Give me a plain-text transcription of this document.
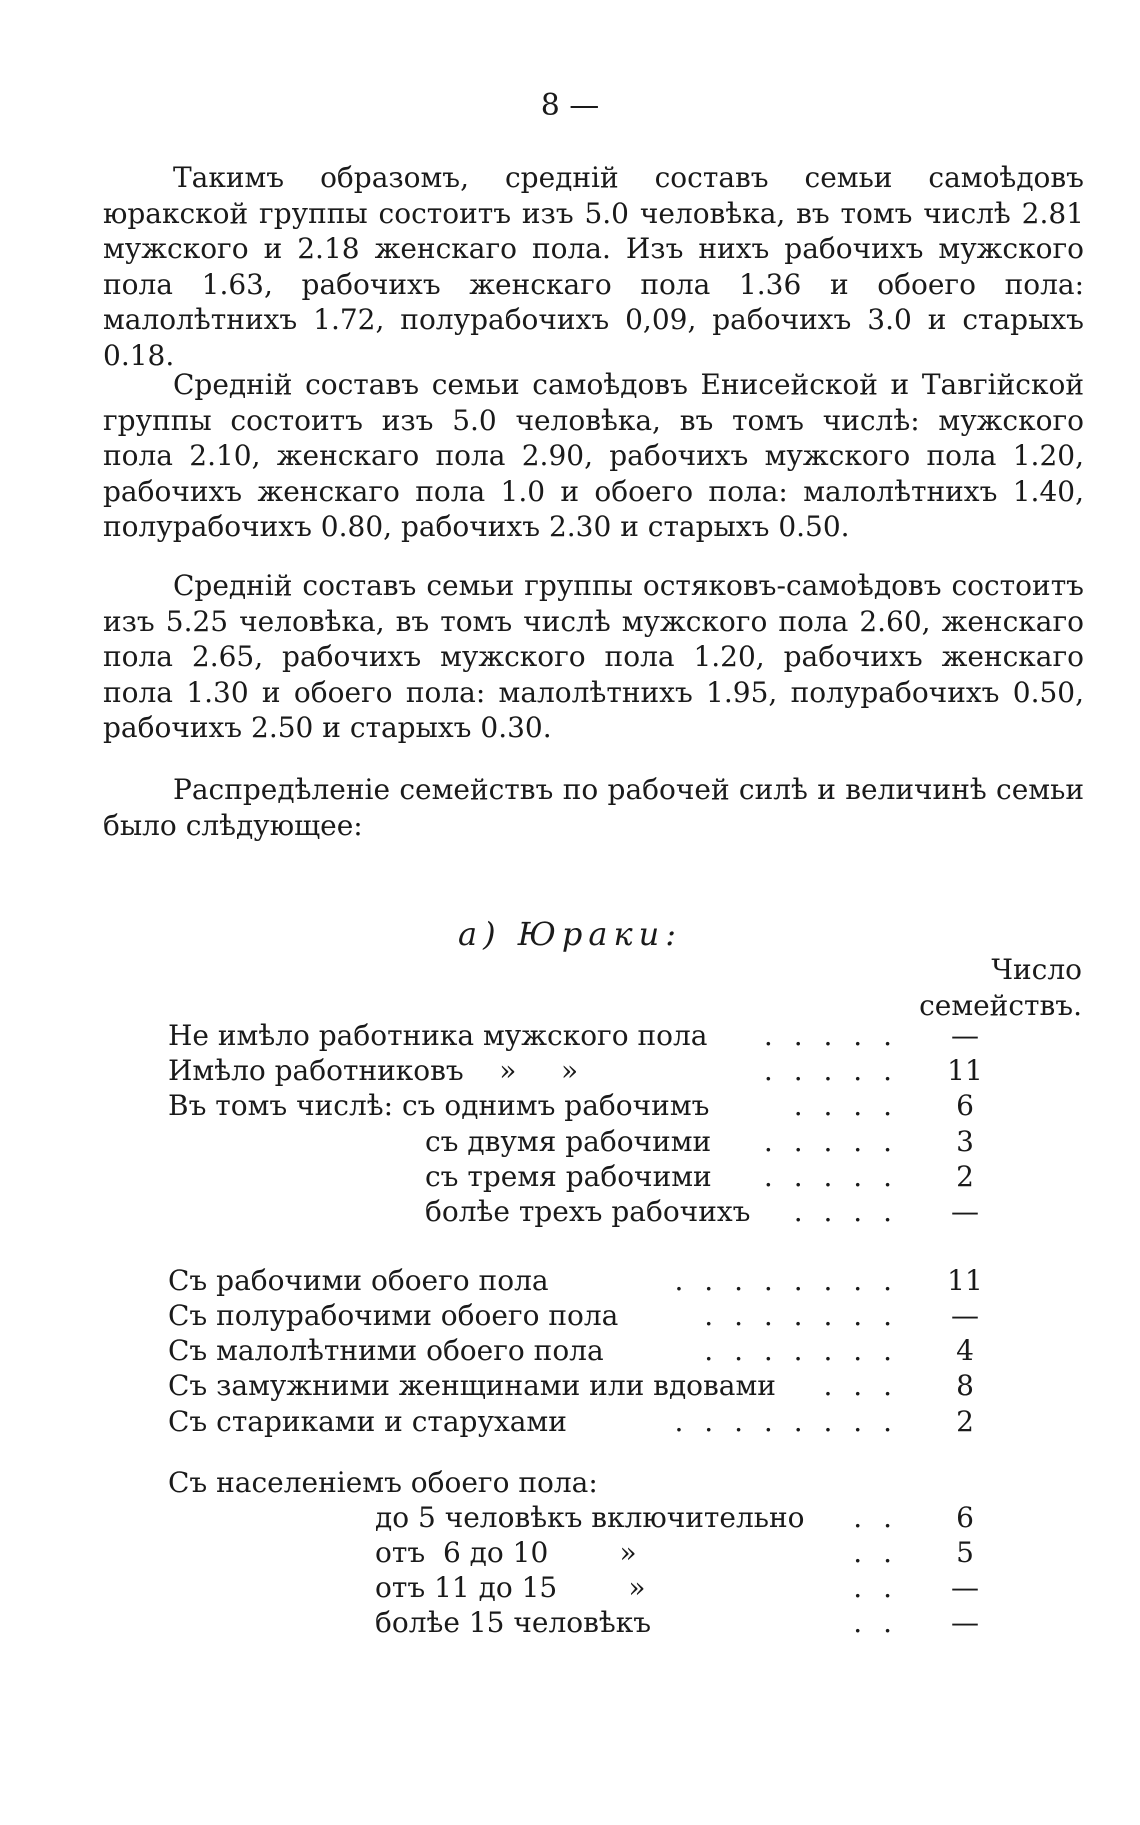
8 —

Такимъ образомъ, среднiй составъ семьи самоѣдовъ юракской группы состоитъ изъ 5.0 человѣка, въ томъ числѣ 2.81 мужского и 2.18 женскаго пола. Изъ нихъ рабочихъ мужского пола 1.63, рабочихъ женскаго пола 1.36 и обоего пола: малолѣтнихъ 1.72, полурабочихъ 0,09, рабочихъ 3.0 и старыхъ 0.18.

Среднiй составъ семьи самоѣдовъ Енисейской и Тавгiйской группы состоитъ изъ 5.0 человѣка, въ томъ числѣ: мужского пола 2.10, женскаго пола 2.90, рабочихъ мужского пола 1.20, рабочихъ женскаго пола 1.0 и обоего пола: малолѣтнихъ 1.40, полурабочихъ 0.80, рабочихъ 2.30 и старыхъ 0.50.

Среднiй составъ семьи группы остяковъ-самоѣдовъ состоитъ изъ 5.25 человѣка, въ томъ числѣ мужского пола 2.60, женскаго пола 2.65, рабочихъ мужского пола 1.20, рабочихъ женскаго пола 1.30 и обоего пола: малолѣтнихъ 1.95, полурабочихъ 0.50, рабочихъ 2.50 и старыхъ 0.30.

Распредѣленiе семействъ по рабочей силѣ и величинѣ семьи было слѣдующее:

а) Юраки:
Число
семействъ.
Не имѣло работника мужского пола . . . . .	—
Имѣло работниковъ    »     »	. . . . .	11
Въ томъ числѣ: съ однимъ рабочимъ	. . . .	6
съ двумя рабочими . . . . .	3
съ тремя рабочими . . . . .	2
болѣе трехъ рабочихъ . . . .	—
Съ рабочими обоего пола	. . . . . . . .	11
Съ полурабочими обоего пола	. . . . . . .	—
Съ малолѣтними обоего пола	. . . . . . .	4
Съ замужними женщинами или вдовами . . .	8
Съ стариками и старухами	. . . . . . . .	2
Съ населенiемъ обоего пола:
до 5 человѣкъ включительно . .	6
отъ  6 до 10        »	. .	5
отъ 11 до 15        »	. .	—
болѣе 15 человѣкъ	. .	—
